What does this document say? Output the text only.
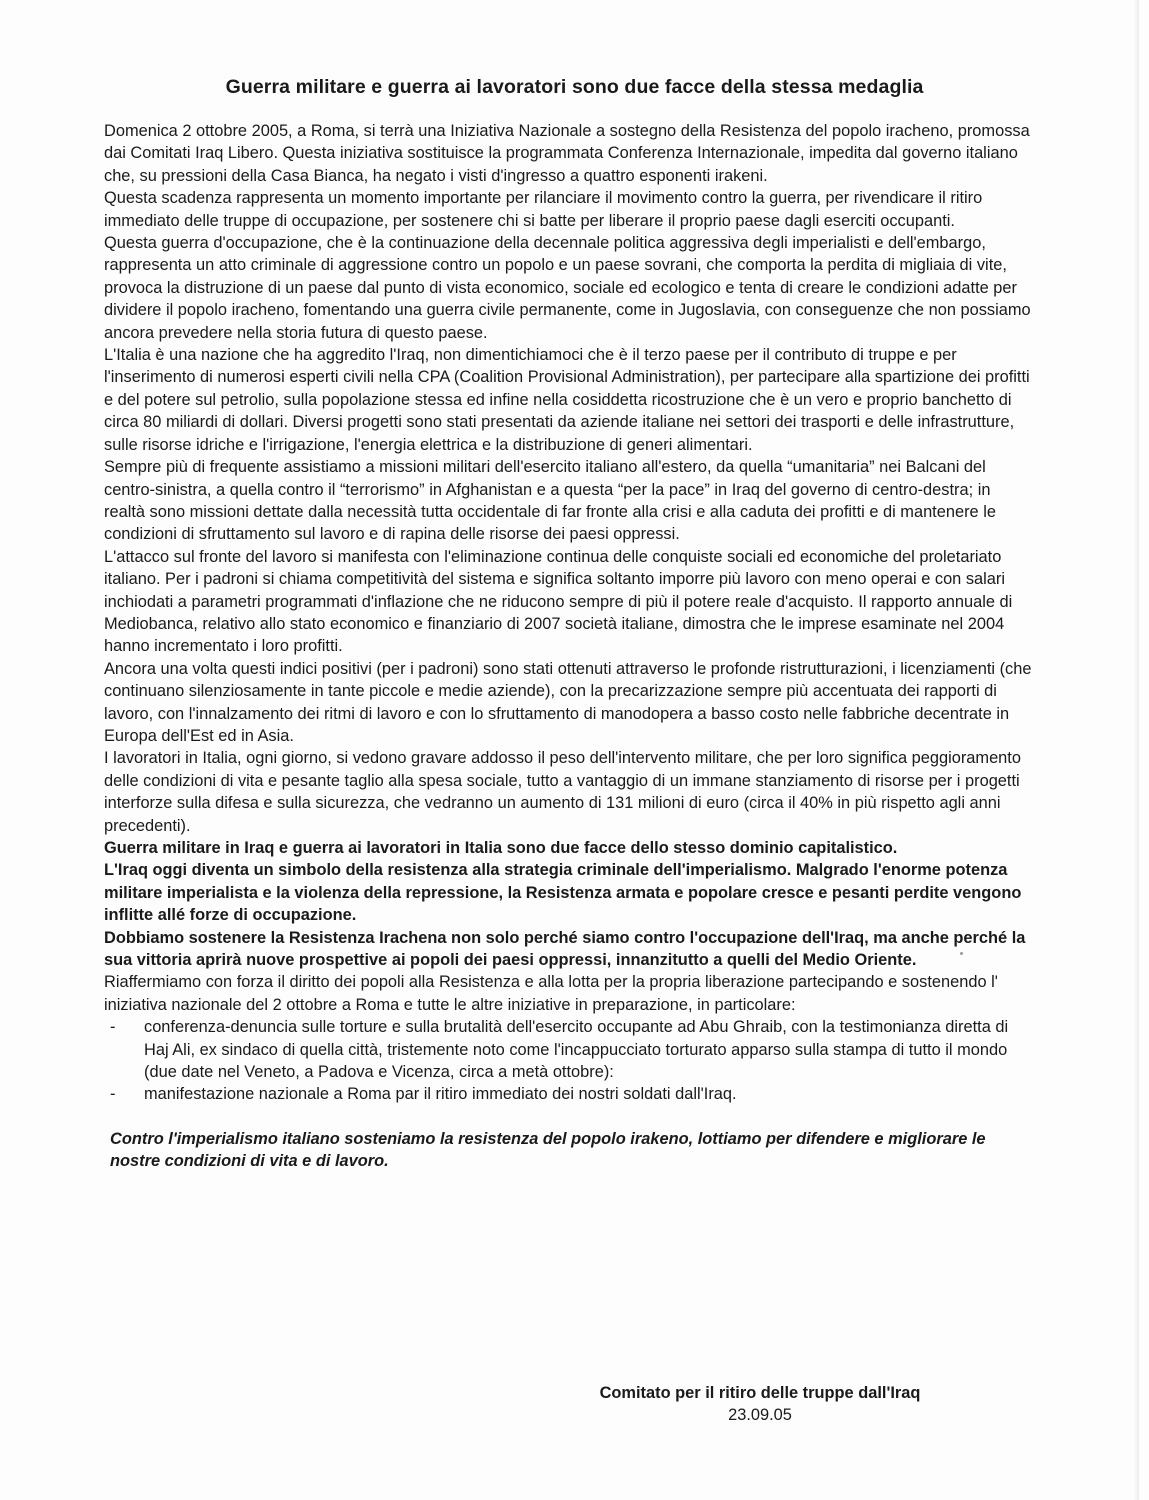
Guerra militare e guerra ai lavoratori sono due facce della stessa medaglia

Domenica 2 ottobre 2005, a Roma, si terrà una Iniziativa Nazionale a sostegno della Resistenza del popolo iracheno, promossa dai Comitati Iraq Libero. Questa iniziativa sostituisce la programmata Conferenza Internazionale, impedita dal governo italiano che, su pressioni della Casa Bianca, ha negato i visti d'ingresso a quattro esponenti irakeni.

Questa scadenza rappresenta un momento importante per rilanciare il movimento contro la guerra, per rivendicare il ritiro immediato delle truppe di occupazione, per sostenere chi si batte per liberare il proprio paese dagli eserciti occupanti.

Questa guerra d'occupazione, che è la continuazione della decennale politica aggressiva degli imperialisti e dell'embargo, rappresenta un atto criminale di aggressione contro un popolo e un paese sovrani, che comporta la perdita di migliaia di vite, provoca la distruzione di un paese dal punto di vista economico, sociale ed ecologico e tenta di creare le condizioni adatte per dividere il popolo iracheno, fomentando una guerra civile permanente, come in Jugoslavia, con conseguenze che non possiamo ancora prevedere nella storia futura di questo paese.

L'Italia è una nazione che ha aggredito l'Iraq, non dimentichiamoci che è il terzo paese per il contributo di truppe e per l'inserimento di numerosi esperti civili nella CPA (Coalition Provisional Administration), per partecipare alla spartizione dei profitti e del potere sul petrolio, sulla popolazione stessa ed infine nella cosiddetta ricostruzione che è un vero e proprio banchetto di circa 80 miliardi di dollari. Diversi progetti sono stati presentati da aziende italiane nei settori dei trasporti e delle infrastrutture, sulle risorse idriche e l'irrigazione, l'energia elettrica e la distribuzione di generi alimentari.

Sempre più di frequente assistiamo a missioni militari dell'esercito italiano all'estero, da quella “umanitaria” nei Balcani del centro-sinistra, a quella contro il “terrorismo” in Afghanistan e a questa “per la pace” in Iraq del governo di centro-destra; in realtà sono missioni dettate dalla necessità tutta occidentale di far fronte alla crisi e alla caduta dei profitti e di mantenere le condizioni di sfruttamento sul lavoro e di rapina delle risorse dei paesi oppressi.

L'attacco sul fronte del lavoro si manifesta con l'eliminazione continua delle conquiste sociali ed economiche del proletariato italiano. Per i padroni si chiama competitività del sistema e significa soltanto imporre più lavoro con meno operai e con salari inchiodati a parametri programmati d'inflazione che ne riducono sempre di più il potere reale d'acquisto. Il rapporto annuale di Mediobanca, relativo allo stato economico e finanziario di 2007 società italiane, dimostra che le imprese esaminate nel 2004 hanno incrementato i loro profitti.

Ancora una volta questi indici positivi (per i padroni) sono stati ottenuti attraverso le profonde ristrutturazioni, i licenziamenti (che continuano silenziosamente in tante piccole e medie aziende), con la precarizzazione sempre più accentuata dei rapporti di lavoro, con l'innalzamento dei ritmi di lavoro e con lo sfruttamento di manodopera a basso costo nelle fabbriche decentrate in Europa dell'Est ed in Asia.

I lavoratori in Italia, ogni giorno, si vedono gravare addosso il peso dell'intervento militare, che per loro significa peggioramento delle condizioni di vita e pesante taglio alla spesa sociale, tutto a vantaggio di un immane stanziamento di risorse per i progetti interforze sulla difesa e sulla sicurezza, che vedranno un aumento di 131 milioni di euro (circa il 40% in più rispetto agli anni precedenti).

Guerra militare in Iraq e guerra ai lavoratori in Italia sono due facce dello stesso dominio capitalistico.

L'Iraq oggi diventa un simbolo della resistenza alla strategia criminale dell'imperialismo. Malgrado l'enorme potenza militare imperialista e la violenza della repressione, la Resistenza armata e popolare cresce e pesanti perdite vengono inflitte allé forze di occupazione.

Dobbiamo sostenere la Resistenza Irachena non solo perché siamo contro l'occupazione dell'Iraq, ma anche perché la sua vittoria aprirà nuove prospettive ai popoli dei paesi oppressi, innanzitutto a quelli del Medio Oriente.

Riaffermiamo con forza il diritto dei popoli alla Resistenza e alla lotta per la propria liberazione partecipando e sostenendo l' iniziativa nazionale del 2 ottobre a Roma e tutte le altre iniziative in preparazione, in particolare:

- conferenza-denuncia sulle torture e sulla brutalità dell'esercito occupante ad Abu Ghraib, con la testimonianza diretta di Haj Ali, ex sindaco di quella città, tristemente noto come l'incappucciato torturato apparso sulla stampa di tutto il mondo (due date nel Veneto, a Padova e Vicenza, circa a metà ottobre):
- manifestazione nazionale a Roma par il ritiro immediato dei nostri soldati dall'Iraq.

Contro l'imperialismo italiano sosteniamo la resistenza del popolo irakeno, lottiamo per difendere e migliorare le nostre condizioni di vita e di lavoro.

Comitato per il ritiro delle truppe dall'Iraq
23.09.05
